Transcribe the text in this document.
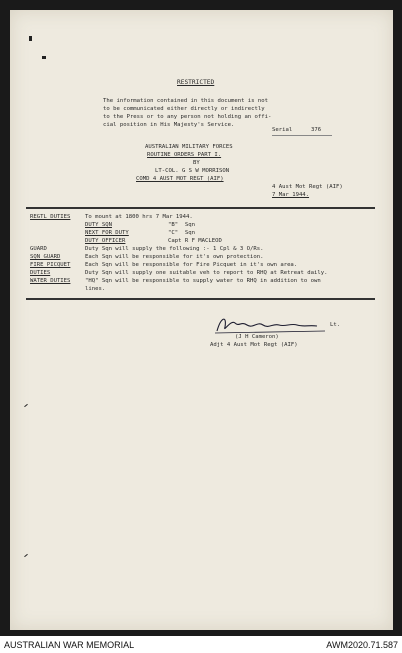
RESTRICTED
The information contained in this document is not
to be communicated either directly or indirectly
to the Press or to any person not holding an offi-
cial position in His Majesty's Service.
Serial	376
AUSTRALIAN MILITARY FORCES
ROUTINE ORDERS PART I.
BY
LT-COL. G S W MORRISON
COMD 4 AUST MOT REGT (AIF)
4 Aust Mot Regt (AIF)
7 Mar 1944.
REGTL DUTIES	To mount at 1800 hrs 7 Mar 1944.
DUTY SQN	"B"  Sqn
NEXT FOR DUTY	"C"  Sqn
DUTY OFFICER	Capt R F MACLEOD
GUARD	Duty Sqn will supply the following :- 1 Cpl & 3 O/Rs.
SQN GUARD	Each Sqn will be responsible for it's own protection.
FIRE PICQUET	Each Sqn will be responsible for Fire Picquet in it's own area.
DUTIES	Duty Sqn will supply one suitable veh to report to RHQ at Retreat daily.
WATER DUTIES	"HQ" Sqn will be responsible to supply water to RHQ in addition to own
lines.
Lt.
(J H Cameron)
Adjt 4 Aust Mot Regt (AIF)
AUSTRALIAN WAR MEMORIAL	AWM2020.71.587
